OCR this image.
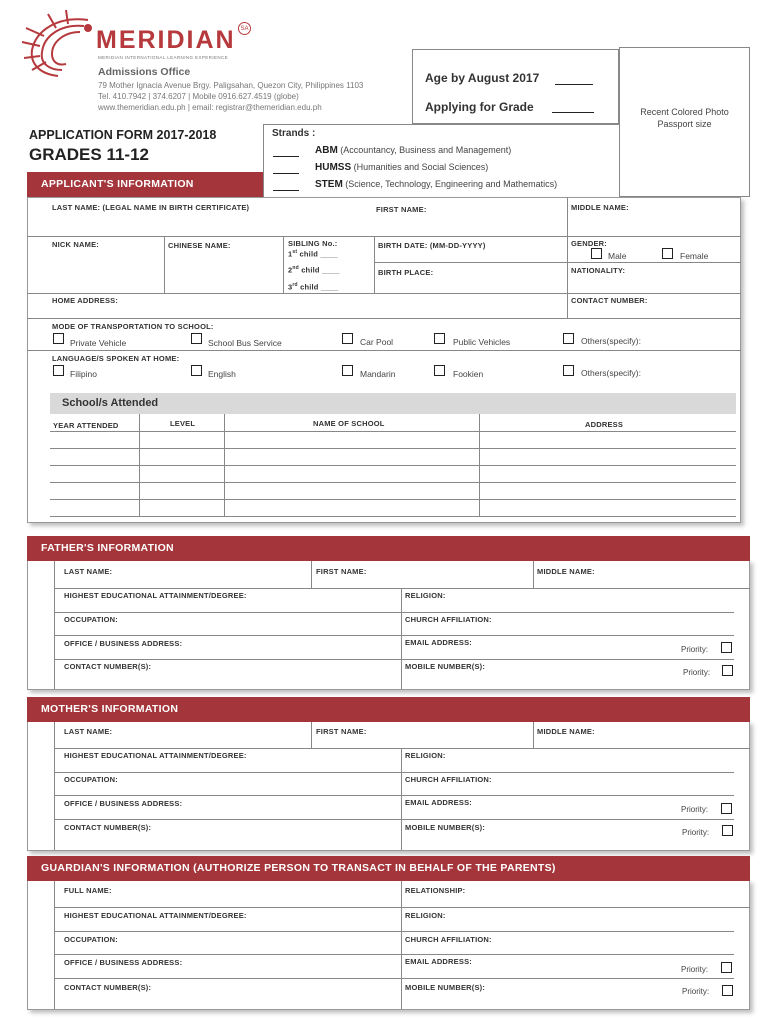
MERIDIAN SA
MERIDIAN INTERNATIONAL LEARNING EXPERIENCE
Admissions Office
79 Mother Ignacia Avenue Brgy. Paligsahan, Quezon City, Philippines 1103
Tel. 410.7942 | 374.6207 | Mobile 0916.627.4519 (globe)
www.themeridian.edu.ph | email: registrar@themeridian.edu.ph
Age by August 2017
Applying for Grade	Recent Colored Photo Passport size
APPLICATION FORM 2017-2018
GRADES 11-12
Strands :
ABM (Accountancy, Business and Management)
HUMSS (Humanities and Social Sciences)
STEM (Science, Technology, Engineering and Mathematics)
APPLICANT'S INFORMATION
LAST NAME: (LEGAL NAME IN BIRTH CERTIFICATE)	FIRST NAME:	MIDDLE NAME:
NICK NAME:	CHINESE NAME:	SIBLING No.:
1st child ____
2nd child ____
3rd child ____
BIRTH DATE: (MM-DD-YYYY)
BIRTH PLACE:
GENDER:
Male	Female
NATIONALITY:
HOME ADDRESS:	CONTACT NUMBER:
MODE OF TRANSPORTATION TO SCHOOL:
Private Vehicle	School Bus Service	Car Pool	Public Vehicles	Others(specify):
LANGUAGE/S SPOKEN AT HOME:
Filipino	English	Mandarin	Fookien	Others(specify):
School/s Attended
YEAR ATTENDED	LEVEL	NAME OF SCHOOL	ADDRESS
FATHER'S INFORMATION
LAST NAME:	FIRST NAME:	MIDDLE NAME:
HIGHEST EDUCATIONAL ATTAINMENT/DEGREE:	RELIGION:
OCCUPATION:	CHURCH AFFILIATION:
OFFICE / BUSINESS ADDRESS:	EMAIL ADDRESS:
Priority:
CONTACT NUMBER(S):	MOBILE NUMBER(S):
Priority:
MOTHER'S INFORMATION
LAST NAME:	FIRST NAME:	MIDDLE NAME:
HIGHEST EDUCATIONAL ATTAINMENT/DEGREE:	RELIGION:
OCCUPATION:	CHURCH AFFILIATION:
OFFICE / BUSINESS ADDRESS:	EMAIL ADDRESS:
Priority:
CONTACT NUMBER(S):	MOBILE NUMBER(S):
Priority:
GUARDIAN'S INFORMATION (AUTHORIZE PERSON TO TRANSACT IN BEHALF OF THE PARENTS)
FULL NAME:	RELATIONSHIP:
HIGHEST EDUCATIONAL ATTAINMENT/DEGREE:	RELIGION:
OCCUPATION:	CHURCH AFFILIATION:
OFFICE / BUSINESS ADDRESS:	EMAIL ADDRESS:
Priority:
CONTACT NUMBER(S):	MOBILE NUMBER(S):	Priority:
